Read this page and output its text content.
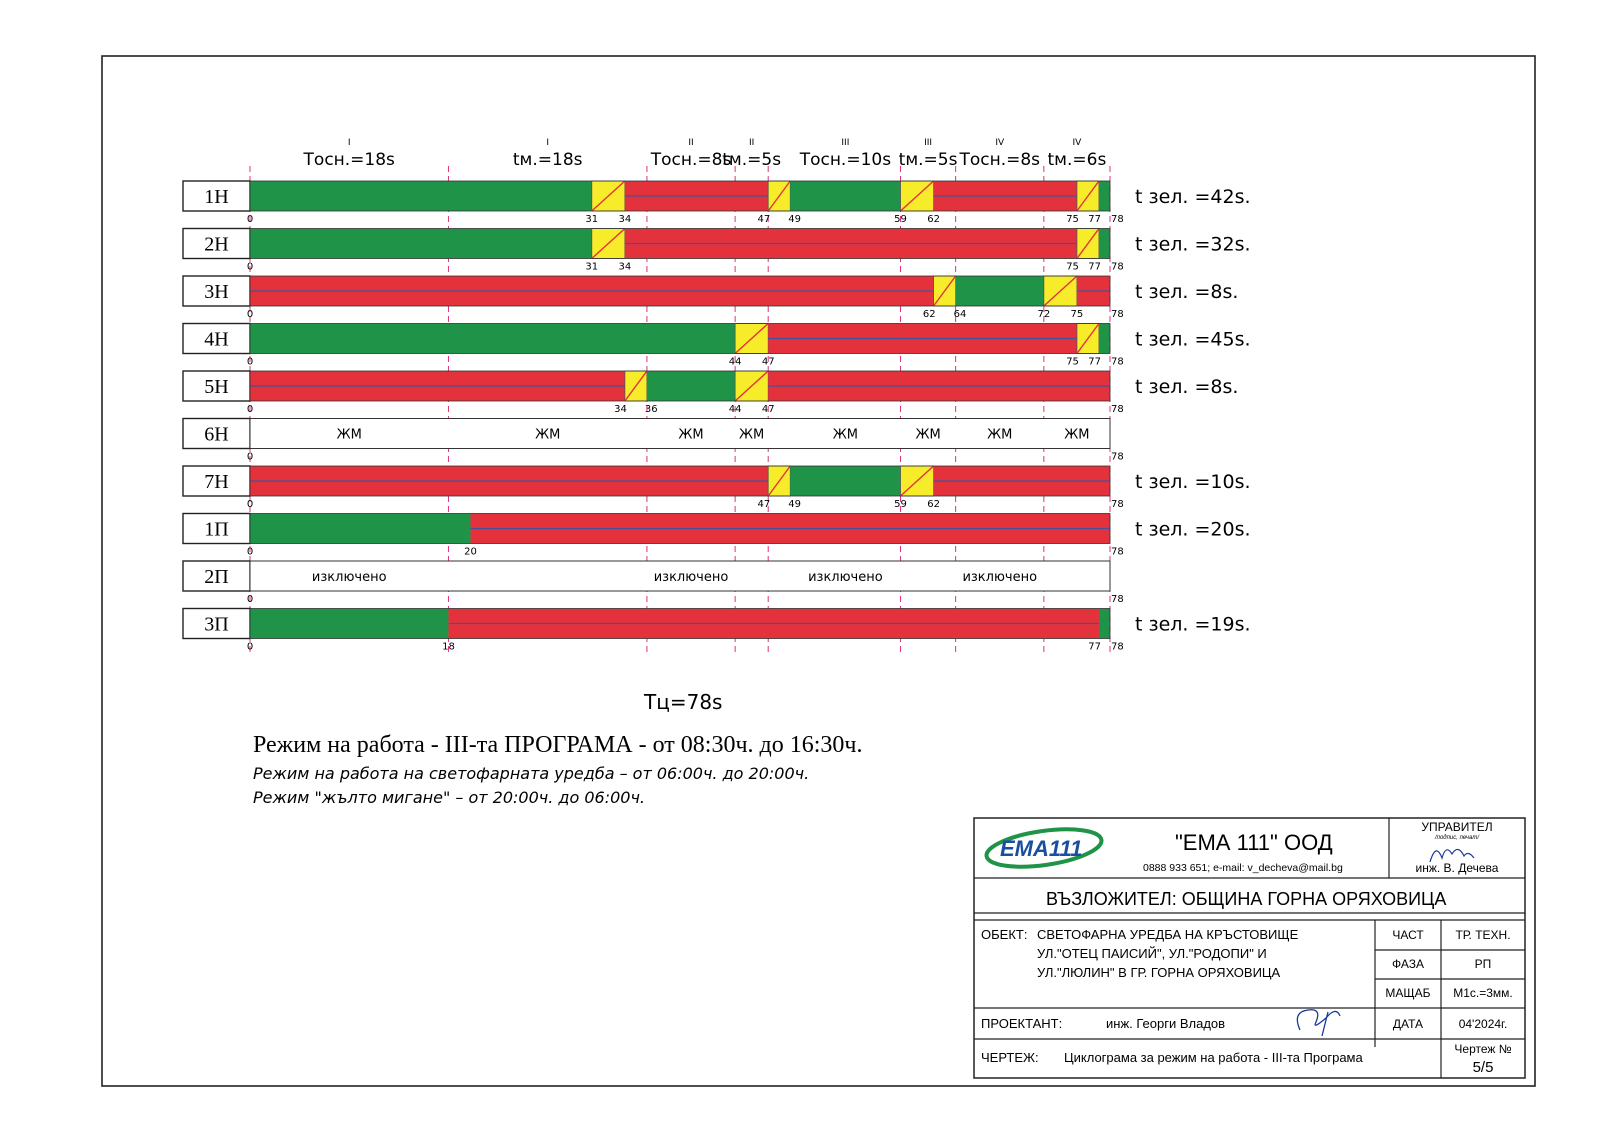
I
Тосн.=18s
I
tм.=18s
II
Тосн.=8s
II
tм.=5s
III
Тосн.=10s
III
tм.=5s
IV
Тосн.=8s
IV
tм.=6s
1Н	t зел. =42s.
0	31 34	47 49	59 62	75 77 78
2Н	t зел. =32s.
0	31 34	75 77 78
3Н	t зел. =8s.
0	62 64	72 75	78
4Н	t зел. =45s.
0	44 47	75 77 78
5Н	t зел. =8s.
0	34 36	44 47	78
6Н	ЖМ	ЖМ	ЖМ	ЖМ	ЖМ	ЖМ	ЖМ	ЖМ
0	78
7Н	t зел. =10s.
0	47 49	59 62	78
1П	t зел. =20s.
0	20	78
2П	изключено	изключено	изключено	изключено
0	78
3П	t зел. =19s.
0	18	77 78
Tц=78s
Режим на работа - III-та ПРОГРАМА - от 08:30ч. до 16:30ч.
Режим на работа на светофарната уредба – от 06:00ч. до 20:00ч.
Режим "жълто мигане" – от 20:00ч. до 06:00ч.
EMA111	"ЕМА 111" ООД
0888 933 651; e-mail: v_decheva@mail.bg
УПРАВИТЕЛ
/подпис, печат/
инж. В. Дечева
ВЪЗЛОЖИТЕЛ: ОБЩИНА ГОРНА ОРЯХОВИЦА
ОБЕКТ: СВЕТОФАРНА УРЕДБА НА КРЪСТОВИЩЕ
УЛ."ОТЕЦ ПАИСИЙ", УЛ."РОДОПИ" И
УЛ."ЛЮЛИН" В ГР. ГОРНА ОРЯХОВИЦА
ЧАСТ	ТР. ТЕХН.
ФАЗА	РП
МАЩАБ М1с.=3мм.
ПРОЕКТАНТ:	инж. Георги Владов	ДАТА	04'2024г.
ЧЕРТЕЖ: Циклограма за режим на работа - III-та Програма
Чертеж №
5/5
